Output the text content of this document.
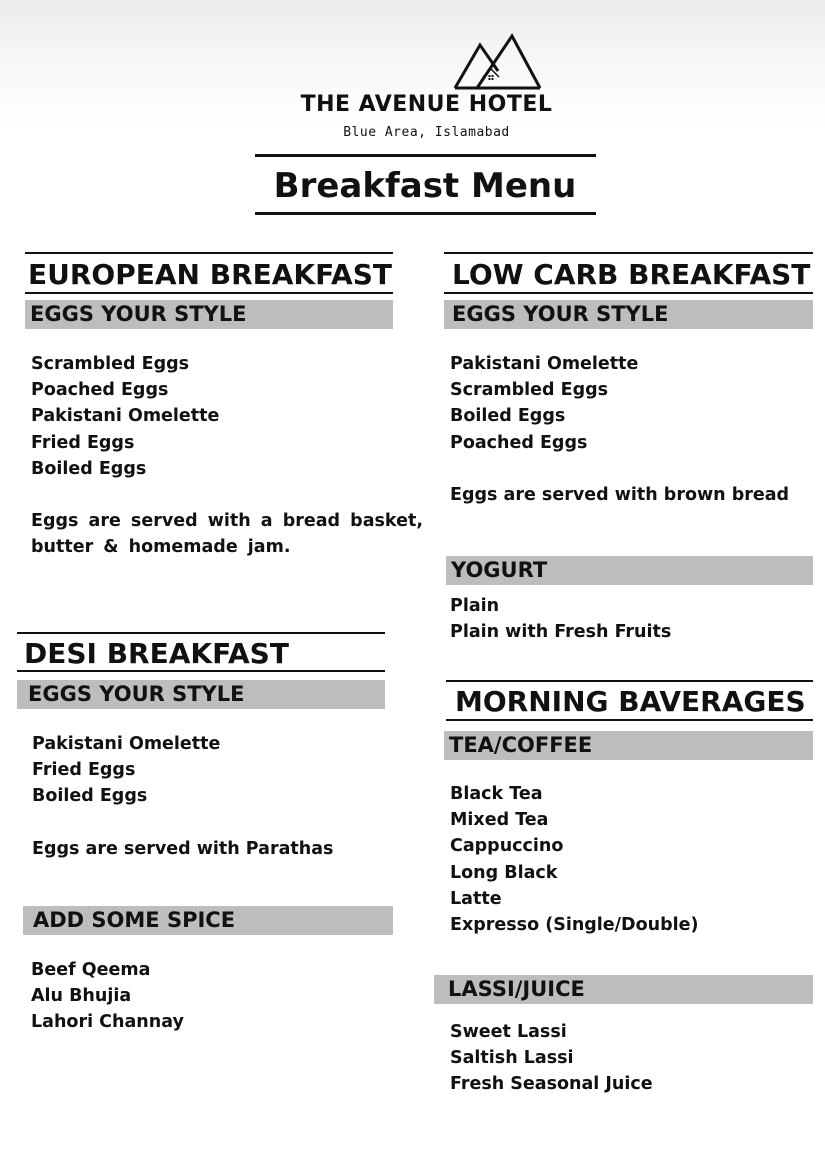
THE AVENUE HOTEL
Blue Area, Islamabad
Breakfast Menu
EUROPEAN BREAKFAST
EGGS YOUR STYLE
Scrambled Eggs
Poached Eggs
Pakistani Omelette
Fried Eggs
Boiled Eggs
Eggs are served with a bread basket,
butter & homemade jam.
DESI BREAKFAST
EGGS YOUR STYLE
Pakistani Omelette
Fried Eggs
Boiled Eggs
Eggs are served with Parathas
ADD SOME SPICE
Beef Qeema
Alu Bhujia
Lahori Channay
LOW CARB BREAKFAST
EGGS YOUR STYLE
Pakistani Omelette
Scrambled Eggs
Boiled Eggs
Poached Eggs
Eggs are served with brown bread
YOGURT
Plain
Plain with Fresh Fruits
MORNING BAVERAGES
TEA/COFFEE
Black Tea
Mixed Tea
Cappuccino
Long Black
Latte
Expresso (Single/Double)
LASSI/JUICE
Sweet Lassi
Saltish Lassi
Fresh Seasonal Juice
